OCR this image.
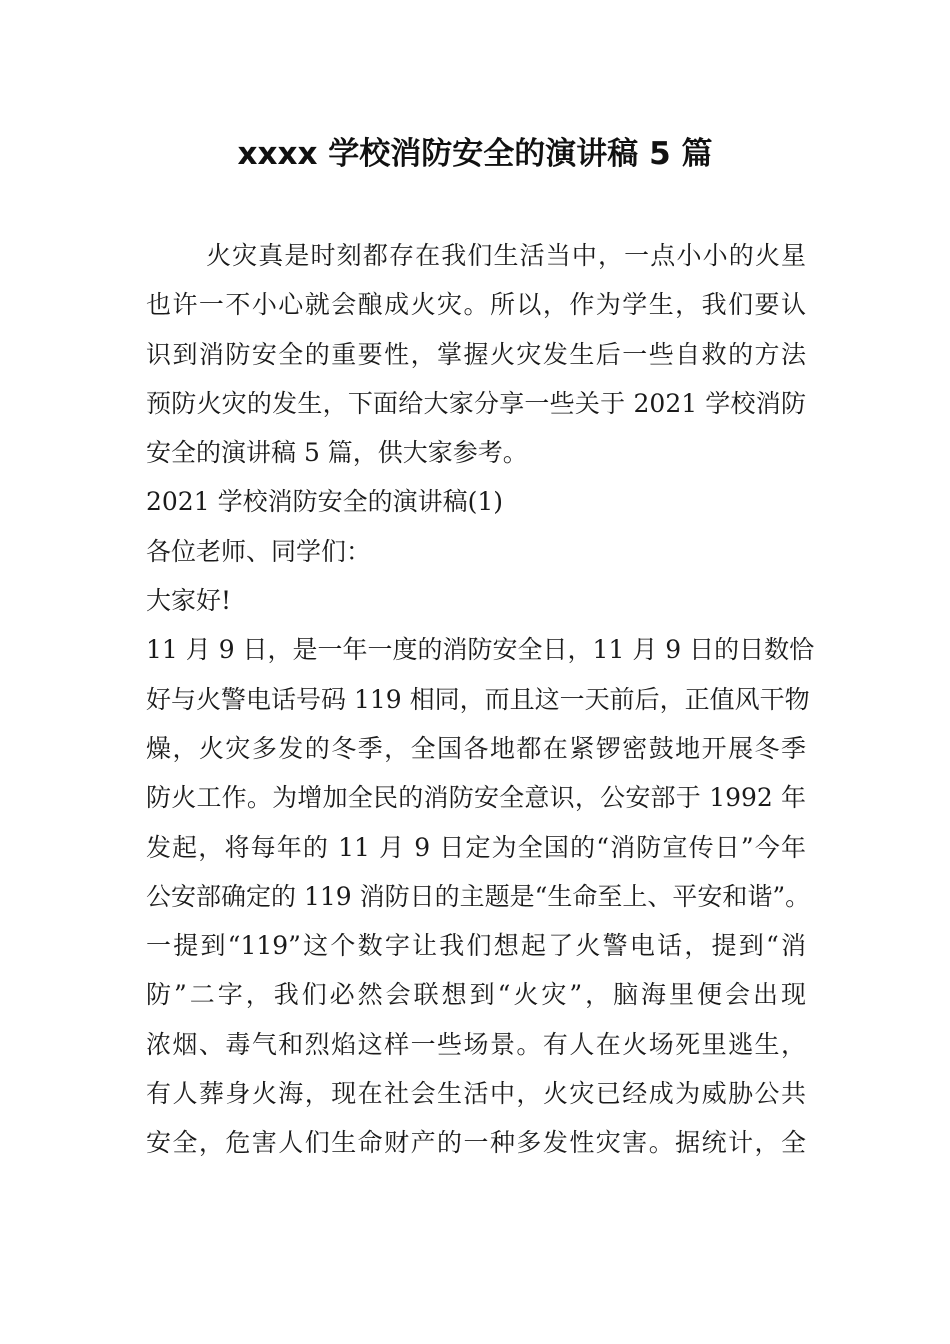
xxxx 学校消防安全的演讲稿 5 篇
火灾真是时刻都存在我们生活当中，一点小小的火星
也许一不小心就会酿成火灾。所以，作为学生，我们要认
识到消防安全的重要性，掌握火灾发生后一些自救的方法
预防火灾的发生，下面给大家分享一些关于 2021 学校消防
安全的演讲稿 5 篇，供大家参考。
2021 学校消防安全的演讲稿(1)
各位老师、同学们：
大家好!
11 月 9 日，是一年一度的消防安全日，11 月 9 日的日数恰
好与火警电话号码 119 相同，而且这一天前后，正值风干物
燥，火灾多发的冬季，全国各地都在紧锣密鼓地开展冬季
防火工作。为增加全民的消防安全意识，公安部于 1992 年
发起，将每年的 11 月 9 日定为全国的“消防宣传日”今年
公安部确定的 119 消防日的主题是“生命至上、平安和谐”。
一提到“119”这个数字让我们想起了火警电话，提到“消
防”二字，我们必然会联想到“火灾”，脑海里便会出现
浓烟、毒气和烈焰这样一些场景。有人在火场死里逃生，
有人葬身火海，现在社会生活中，火灾已经成为威胁公共
安全，危害人们生命财产的一种多发性灾害。据统计，全
